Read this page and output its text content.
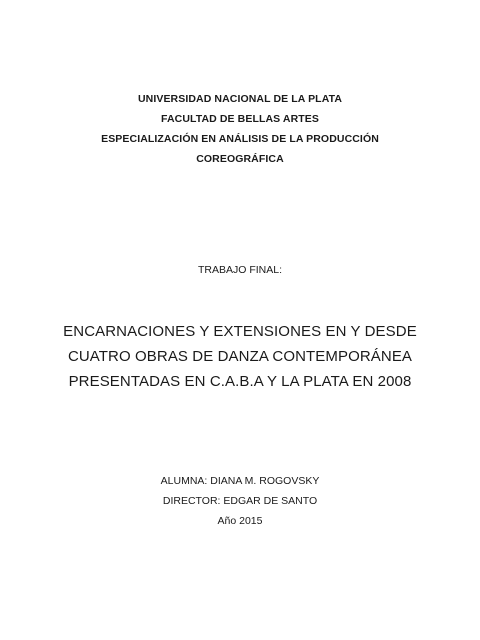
UNIVERSIDAD NACIONAL DE LA PLATA
FACULTAD DE BELLAS ARTES
ESPECIALIZACIÓN EN ANÁLISIS DE LA PRODUCCIÓN
COREOGRÁFICA
TRABAJO FINAL:
ENCARNACIONES Y EXTENSIONES EN Y DESDE
CUATRO OBRAS DE DANZA CONTEMPORÁNEA
PRESENTADAS EN C.A.B.A Y LA PLATA EN 2008
ALUMNA: DIANA M. ROGOVSKY
DIRECTOR: EDGAR DE SANTO
Año 2015
